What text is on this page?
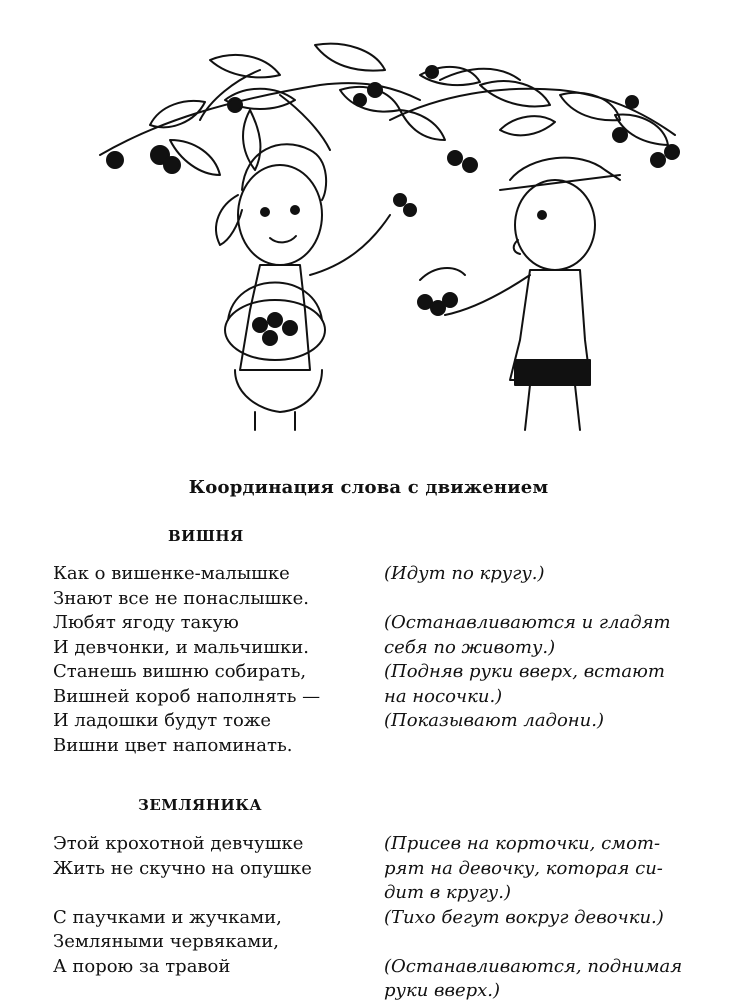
Координация слова с движением
ВИШНЯ
Как о вишенке-малышке
Знают все не понаслышке.
Любят ягоду такую
И девчонки, и мальчишки.
Станешь вишню собирать,
Вишней короб наполнять —
И ладошки будут тоже
Вишни цвет напоминать.
(Идут по кругу.)
(Останавливаются и гладят
себя по животу.)
(Подняв руки вверх, встают
на носочки.)
(Показывают ладони.)
ЗЕМЛЯНИКА
Этой крохотной девчушке
Жить не скучно на опушке
С паучками и жучками,
Земляными червяками,
А порою за травой
(Присев на корточки, смот-
рят на девочку, которая си-
дит в кругу.)
(Тихо бегут вокруг девочки.)
(Останавливаются, поднимая
руки вверх.)
